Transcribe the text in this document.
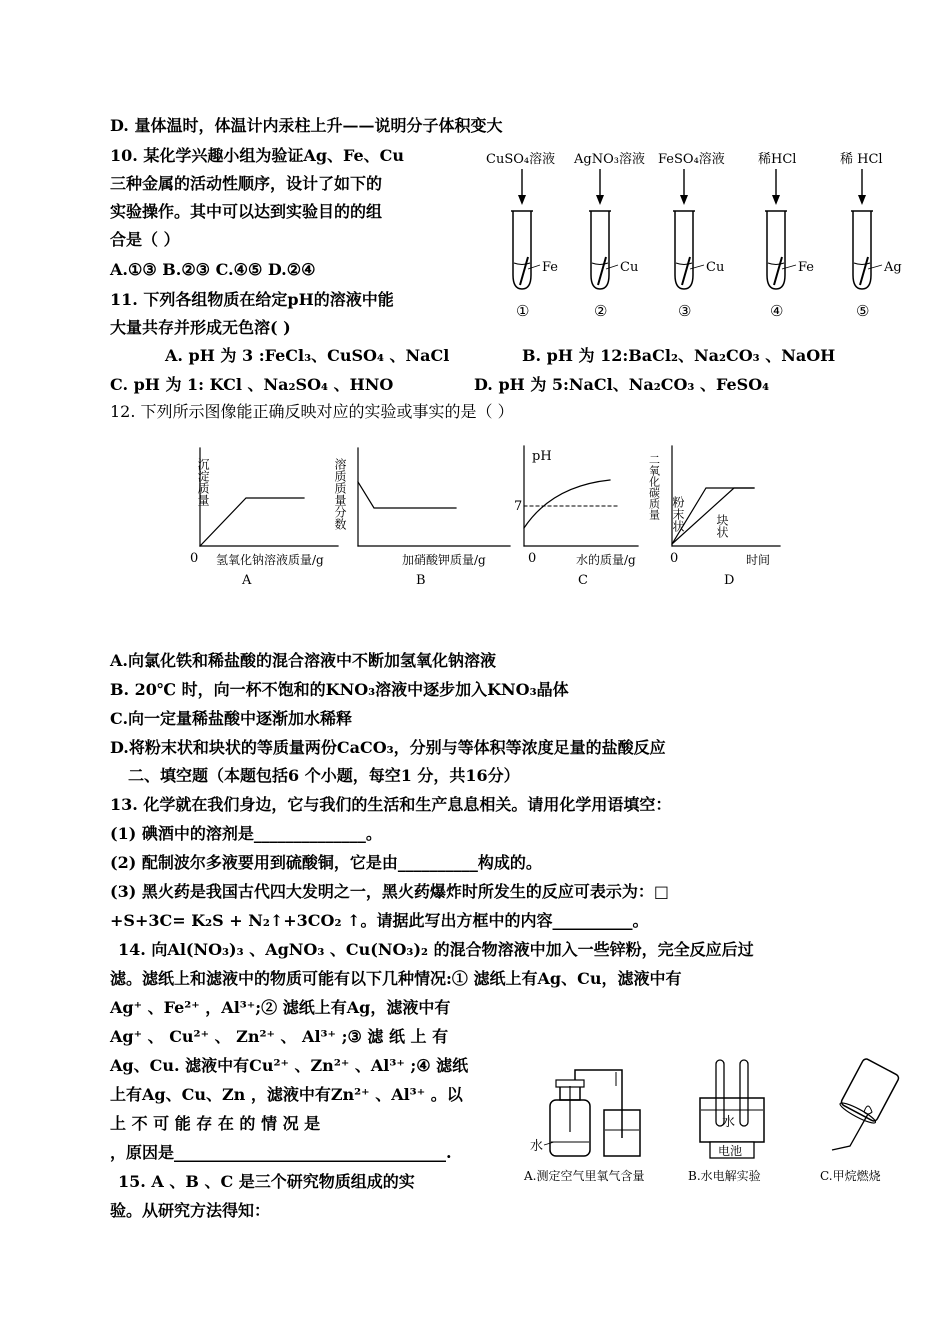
D. 量体温时，体温计内汞柱上升——说明分子体积变大
10. 某化学兴趣小组为验证Ag、Fe、Cu
三种金属的活动性顺序，设计了如下的
实验操作。其中可以达到实验目的的组
合是（ ）
A.①③ B.②③ C.④⑤ D.②④
11. 下列各组物质在给定pH的溶液中能
大量共存并形成无色溶( )
A. pH 为 3 :FeCl₃、CuSO₄ 、NaCl	B. pH 为 12:BaCl₂、Na₂CO₃ 、NaOH
C. pH 为 1: KCl 、Na₂SO₄ 、HNO	D. pH 为 5:NaCl、Na₂CO₃ 、FeSO₄
12. 下列所示图像能正确反映对应的实验或事实的是（ ）
A.向氯化铁和稀盐酸的混合溶液中不断加氢氧化钠溶液
B. 20℃ 时，向一杯不饱和的KNO₃溶液中逐步加入KNO₃晶体
C.向一定量稀盐酸中逐渐加水稀释
D.将粉末状和块状的等质量两份CaCO₃，分别与等体积等浓度足量的盐酸反应
二、填空题（本题包括6 个小题，每空1 分，共16分）
13. 化学就在我们身边，它与我们的生活和生产息息相关。请用化学用语填空：
(1) 碘酒中的溶剂是______________。
(2) 配制波尔多液要用到硫酸铜，它是由__________构成的。
(3) 黑火药是我国古代四大发明之一，黑火药爆炸时所发生的反应可表示为：□
+S+3C= K₂S + N₂↑+3CO₂ ↑。请据此写出方框中的内容__________。
14. 向Al(NO₃)₃ 、AgNO₃ 、Cu(NO₃)₂ 的混合物溶液中加入一些锌粉，完全反应后过
滤。滤纸上和滤液中的物质可能有以下几种情况:① 滤纸上有Ag、Cu，滤液中有
Ag⁺ 、Fe²⁺ ，Al³⁺;② 滤纸上有Ag，滤液中有
Ag⁺ 、 Cu²⁺ 、 Zn²⁺ 、 Al³⁺ ;③ 滤 纸 上 有
Ag、Cu. 滤液中有Cu²⁺ 、Zn²⁺ 、Al³⁺ ;④ 滤纸
上有Ag、Cu、Zn ，滤液中有Zn²⁺ 、Al³⁺ 。以
上 不 可 能 存 在 的 情 况 是
，原因是__________________________________.
15. A 、B 、C 是三个研究物质组成的实
验。从研究方法得知：
CuSO₄溶液
Fe
①
AgNO₃溶液
Cu
②
FeSO₄溶液
Cu
③
稀HCl
Fe
④
稀 HCl
Ag
⑤
沉淀质量
0 氢氧化钠溶液质量/g
A
溶质质量分数
加硝酸钾质量/g
B
pH
7
0	水的质量/g
C
二氧化碳质量 粉末状	块状
0	时间
D
水
A.测定空气里氧气含量
水
电池
B.水电解实验	C.甲烷燃烧
